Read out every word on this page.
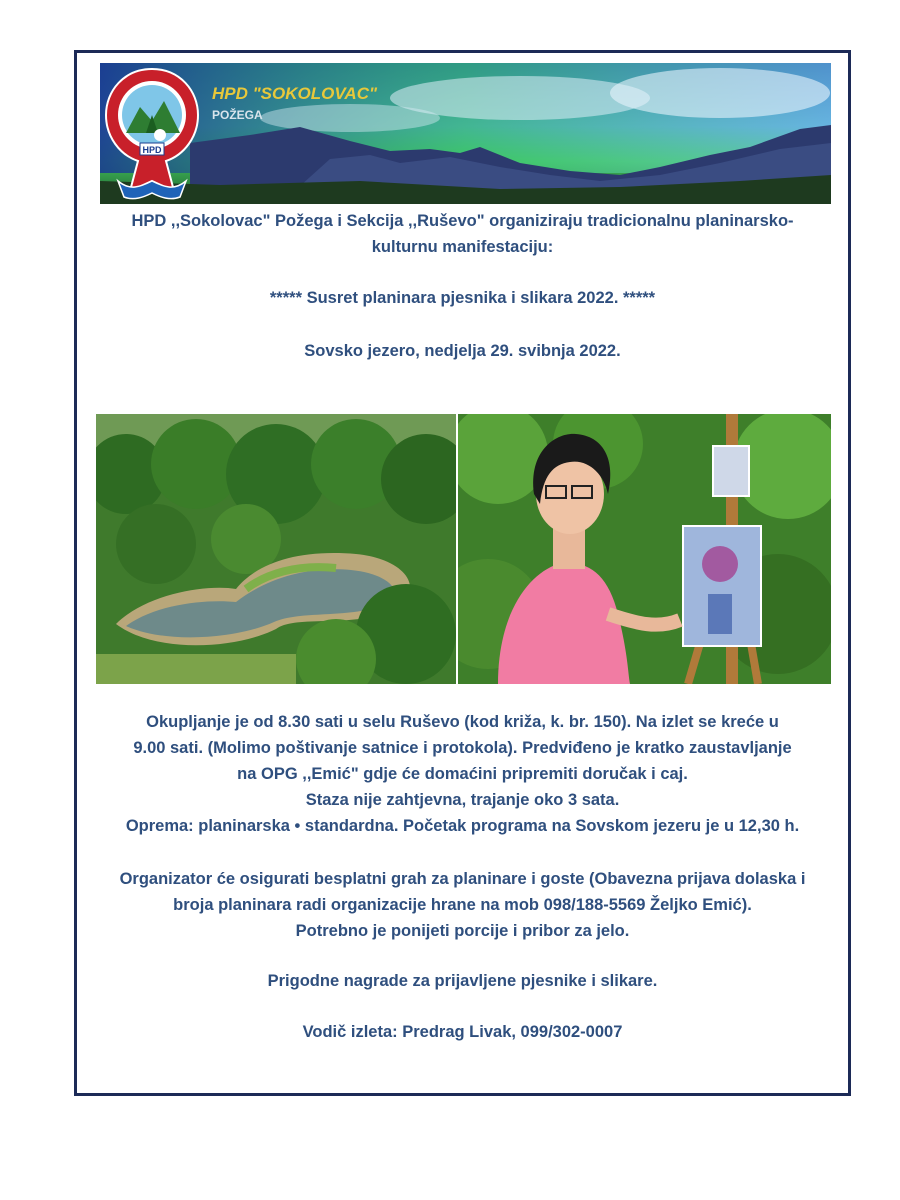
HPD "SOKOLOVAC"
POŽEGA
HPD
HPD ,,Sokolovac" Požega i Sekcija ,,Ruševo" organiziraju tradicionalnu planinarsko-
kulturnu manifestaciju:
***** Susret planinara pjesnika i slikara 2022. *****
Sovsko jezero, nedjelja 29. svibnja 2022.
Okupljanje je od 8.30 sati u selu Ruševo (kod križa, k. br. 150). Na izlet se kreće u
9.00 sati. (Molimo poštivanje satnice i protokola). Predviđeno je kratko zaustavljanje
na OPG ,,Emić" gdje će domaćini pripremiti doručak i caj.
Staza nije zahtjevna, trajanje oko 3 sata.
Oprema: planinarska • standardna. Početak programa na Sovskom jezeru je u 12,30 h.
Organizator će osigurati besplatni grah za planinare i goste (Obavezna prijava dolaska i
broja planinara radi organizacije hrane na mob 098/188-5569 Željko Emić).
Potrebno je ponijeti porcije i pribor za jelo.
Prigodne nagrade za prijavljene pjesnike i slikare.
Vodič izleta: Predrag Livak, 099/302-0007
